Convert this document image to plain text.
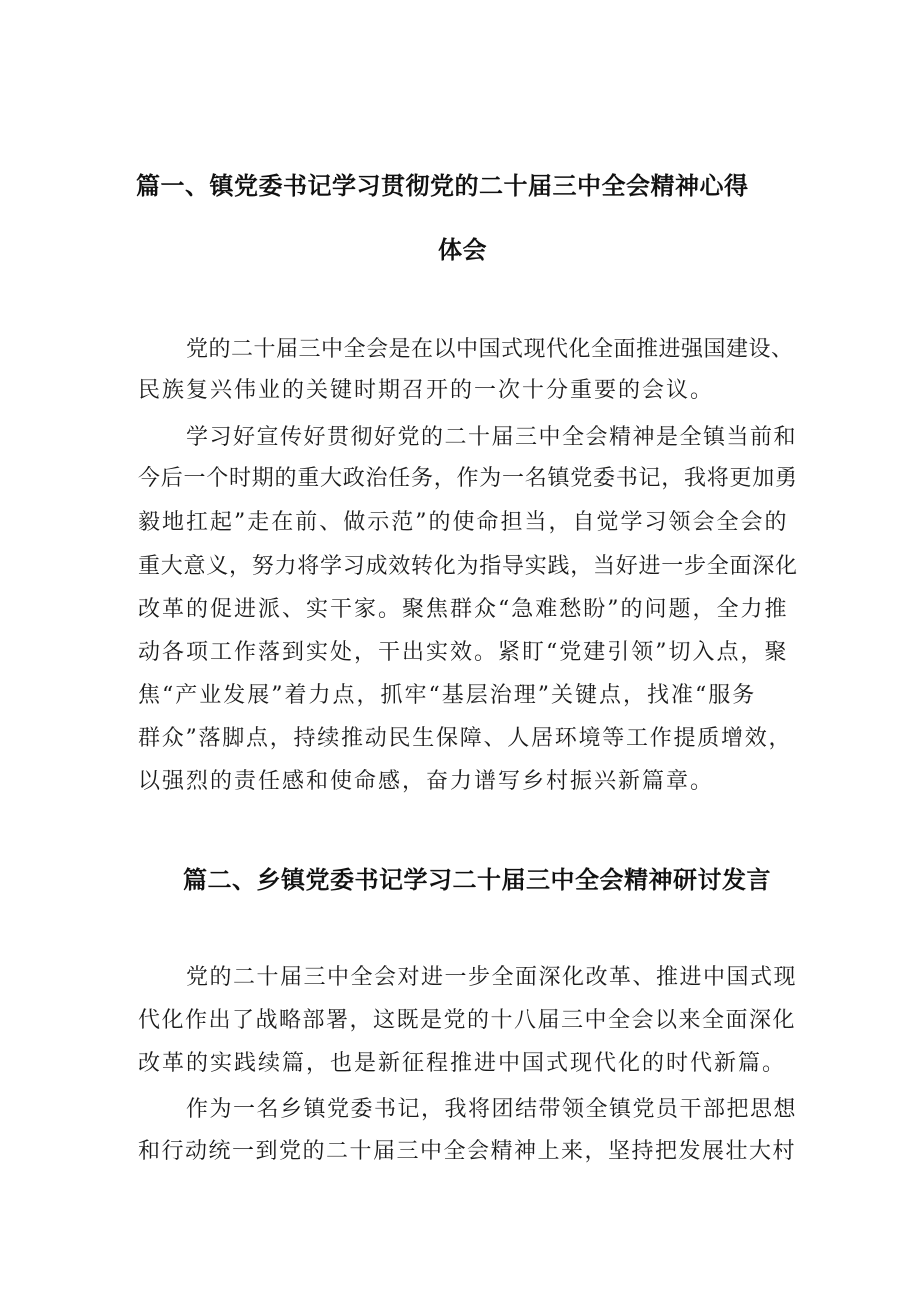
篇一、镇党委书记学习贯彻党的二十届三中全会精神心得
体会
党的二十届三中全会是在以中国式现代化全面推进强国建设、
民族复兴伟业的关键时期召开的一次十分重要的会议。
学习好宣传好贯彻好党的二十届三中全会精神是全镇当前和
今后一个时期的重大政治任务，作为一名镇党委书记，我将更加勇
毅地扛起”走在前、做示范”的使命担当，自觉学习领会全会的
重大意义，努力将学习成效转化为指导实践，当好进一步全面深化
改革的促进派、实干家。聚焦群众“急难愁盼”的问题，全力推
动各项工作落到实处，干出实效。紧盯“党建引领”切入点，聚
焦“产业发展”着力点，抓牢“基层治理”关键点，找准“服务
群众”落脚点，持续推动民生保障、人居环境等工作提质增效，
以强烈的责任感和使命感，奋力谱写乡村振兴新篇章。
篇二、乡镇党委书记学习二十届三中全会精神研讨发言
党的二十届三中全会对进一步全面深化改革、推进中国式现
代化作出了战略部署，这既是党的十八届三中全会以来全面深化
改革的实践续篇，也是新征程推进中国式现代化的时代新篇。
作为一名乡镇党委书记，我将团结带领全镇党员干部把思想
和行动统一到党的二十届三中全会精神上来，坚持把发展壮大村
